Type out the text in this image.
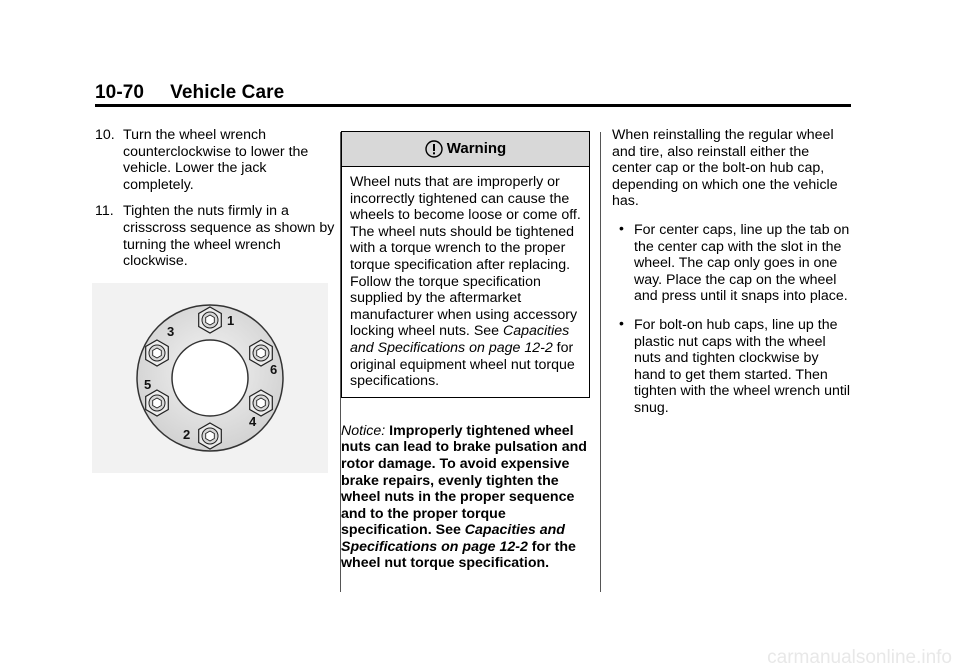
10-70 Vehicle Care
10. Turn the wheel wrench counterclockwise to lower the vehicle. Lower the jack completely.
11. Tighten the nuts firmly in a crisscross sequence as shown by turning the wheel wrench clockwise.
1
2
3
4
5
6
Warning
Wheel nuts that are improperly or incorrectly tightened can cause the wheels to become loose or come off. The wheel nuts should be tightened with a torque wrench to the proper torque specification after replacing. Follow the torque specification supplied by the aftermarket manufacturer when using accessory locking wheel nuts. See Capacities and Specifications on page 12‑2 for original equipment wheel nut torque specifications.
Notice: Improperly tightened wheel nuts can lead to brake pulsation and rotor damage. To avoid expensive brake repairs, evenly tighten the wheel nuts in the proper sequence and to the proper torque specification. See Capacities and Specifications on page 12‑2 for the wheel nut torque specification.

When reinstalling the regular wheel and tire, also reinstall either the center cap or the bolt-on hub cap, depending on which one the vehicle has.

• For center caps, line up the tab on the center cap with the slot in the wheel. The cap only goes in one way. Place the cap on the wheel and press until it snaps into place.
• For bolt-on hub caps, line up the plastic nut caps with the wheel nuts and tighten clockwise by hand to get them started. Then tighten with the wheel wrench until snug.
carmanualsonline.info
